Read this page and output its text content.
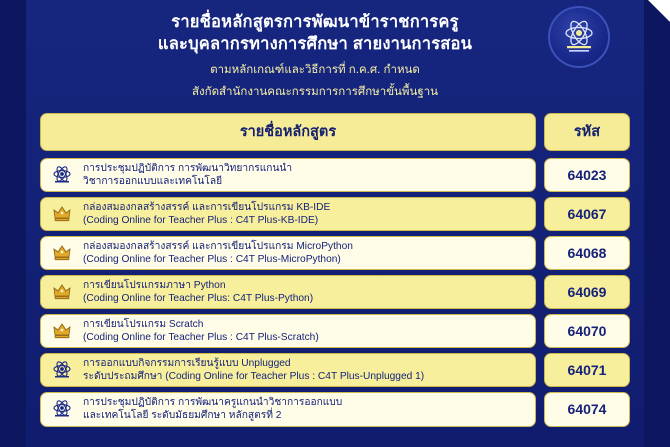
รายชื่อหลักสูตรการพัฒนาข้าราชการครู
และบุคลากรทางการศึกษา สายงานการสอน
ตามหลักเกณฑ์และวิธีการที่ ก.ค.ศ. กำหนด
สังกัดสำนักงานคณะกรรมการการศึกษาขั้นพื้นฐาน
รายชื่อหลักสูตร	รหัส
การประชุมปฏิบัติการ การพัฒนาวิทยากรแกนนำ
วิชาการออกแบบและเทคโนโลยี	64023
กล่องสมองกลสร้างสรรค์ และการเขียนโปรแกรม KB-IDE
(Coding Online for Teacher Plus : C4T Plus-KB-IDE)	64067
กล่องสมองกลสร้างสรรค์ และการเขียนโปรแกรม MicroPython
(Coding Online for Teacher Plus : C4T Plus-MicroPython)	64068
การเขียนโปรแกรมภาษา Python
(Coding Online for Teacher Plus: C4T Plus-Python)	64069
การเขียนโปรแกรม Scratch
(Coding Online for Teacher Plus : C4T Plus-Scratch)	64070
การออกแบบกิจกรรมการเรียนรู้แบบ Unplugged
ระดับประถมศึกษา (Coding Online for Teacher Plus : C4T Plus-Unplugged 1)	64071
การประชุมปฏิบัติการ การพัฒนาครูแกนนำวิชาการออกแบบ
และเทคโนโลยี ระดับมัธยมศึกษา หลักสูตรที่ 2	64074
